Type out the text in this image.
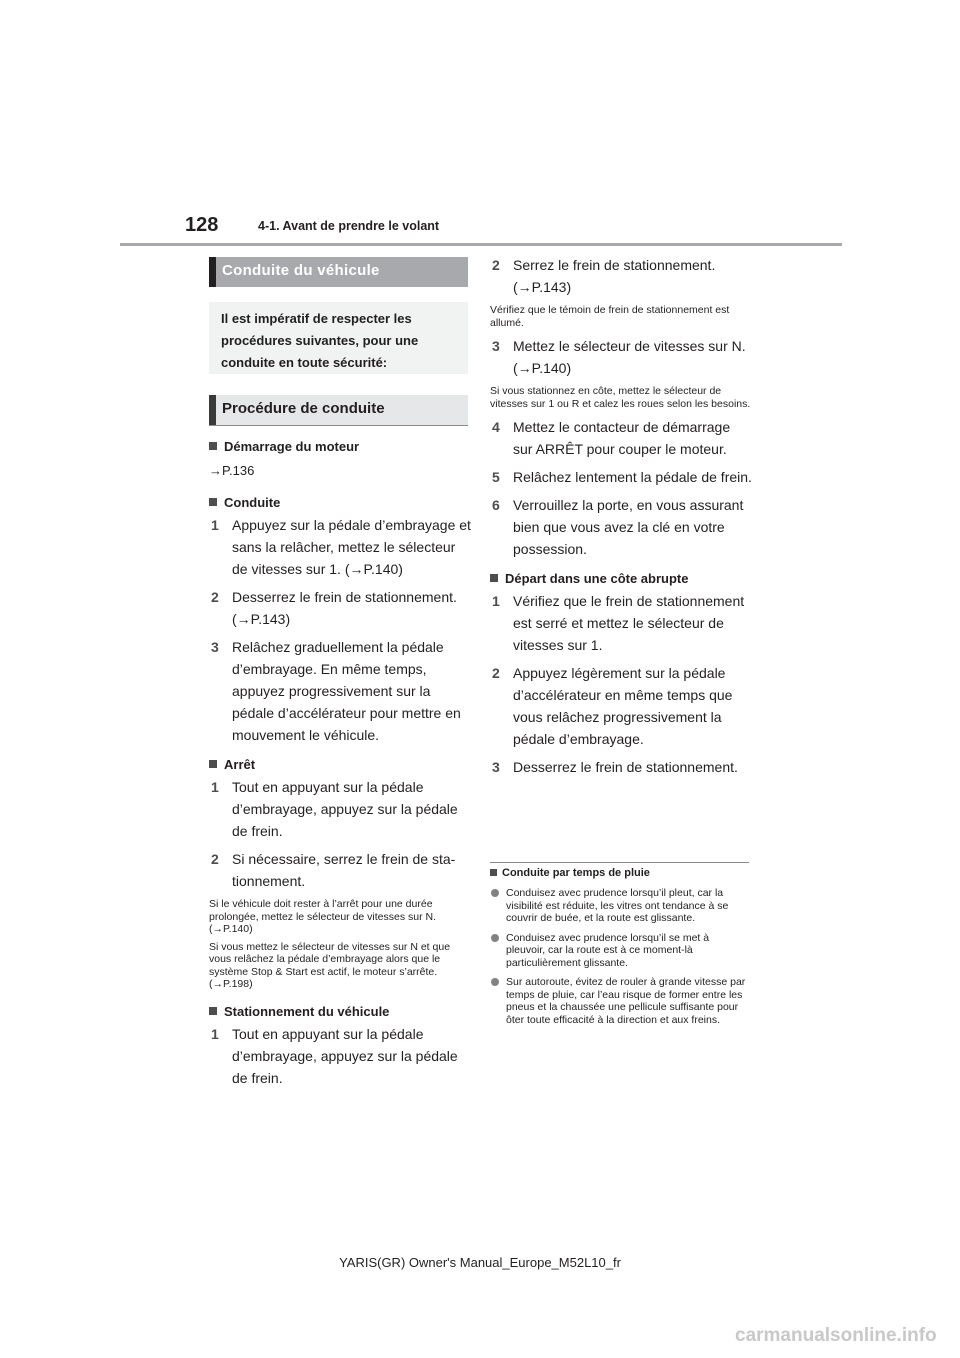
128	4-1. Avant de prendre le volant
Conduite du véhicule
Il est impératif de respecter les procédures suivantes, pour une conduite en toute sécurité:
Procédure de conduite
Démarrage du moteur
→P.136
Conduite
1 Appuyez sur la pédale d’embrayage et sans la relâcher, mettez le sélecteur de vitesses sur 1. (→P.140)
2 Desserrez le frein de stationnement. (→P.143)
3 Relâchez graduellement la pédale d’embrayage. En même temps, appuyez progressivement sur la pédale d’accélérateur pour mettre en mouvement le véhicule.
Arrêt
1 Tout en appuyant sur la pédale d’embrayage, appuyez sur la pédale de frein.
2 Si nécessaire, serrez le frein de stationnement.
Si le véhicule doit rester à l’arrêt pour une durée prolongée, mettez le sélecteur de vitesses sur N. (→P.140)
Si vous mettez le sélecteur de vitesses sur N et que vous relâchez la pédale d’embrayage alors que le système Stop & Start est actif, le moteur s’arrête. (→P.198)
Stationnement du véhicule
1 Tout en appuyant sur la pédale d’embrayage, appuyez sur la pédale de frein.
2 Serrez le frein de stationnement. (→P.143)
Vérifiez que le témoin de frein de stationnement est allumé.
3 Mettez le sélecteur de vitesses sur N. (→P.140)
Si vous stationnez en côte, mettez le sélecteur de vitesses sur 1 ou R et calez les roues selon les besoins.
4 Mettez le contacteur de démarrage sur ARRÊT pour couper le moteur.
5 Relâchez lentement la pédale de frein.
6 Verrouillez la porte, en vous assurant bien que vous avez la clé en votre possession.
Départ dans une côte abrupte
1 Vérifiez que le frein de stationnement est serré et mettez le sélecteur de vitesses sur 1.
2 Appuyez légèrement sur la pédale d’accélérateur en même temps que vous relâchez progressivement la pédale d’embrayage.
3 Desserrez le frein de stationnement.
Conduite par temps de pluie
Conduisez avec prudence lorsqu’il pleut, car la visibilité est réduite, les vitres ont tendance à se couvrir de buée, et la route est glissante.
Conduisez avec prudence lorsqu’il se met à pleuvoir, car la route est à ce moment-là particulièrement glissante.
Sur autoroute, évitez de rouler à grande vitesse par temps de pluie, car l’eau risque de former entre les pneus et la chaussée une pellicule suffisante pour ôter toute efficacité à la direction et aux freins.
YARIS(GR) Owner's Manual_Europe_M52L10_fr
carmanualsonline.info
